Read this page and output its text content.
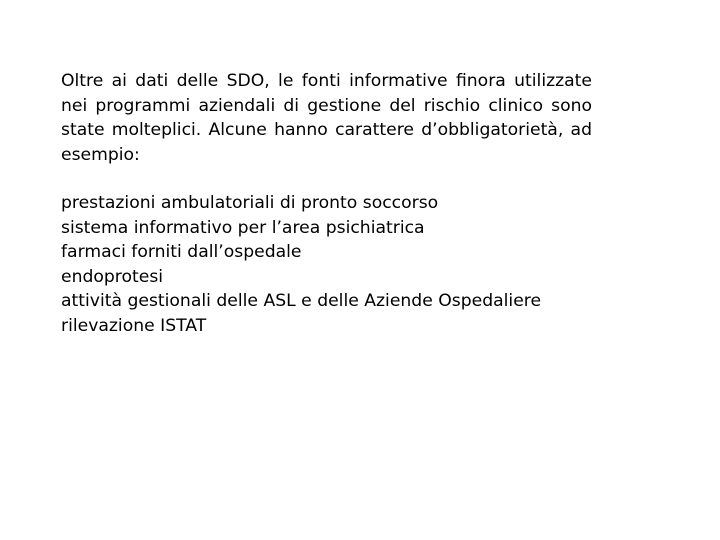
Oltre ai dati delle SDO, le fonti informative finora utilizzate nei programmi aziendali di gestione del rischio clinico sono state molteplici. Alcune hanno carattere d’obbligatorietà, ad esempio:

prestazioni ambulatoriali di pronto soccorso
sistema informativo per l’area psichiatrica
farmaci forniti dall’ospedale
endoprotesi
attività gestionali delle ASL e delle Aziende Ospedaliere
rilevazione ISTAT
